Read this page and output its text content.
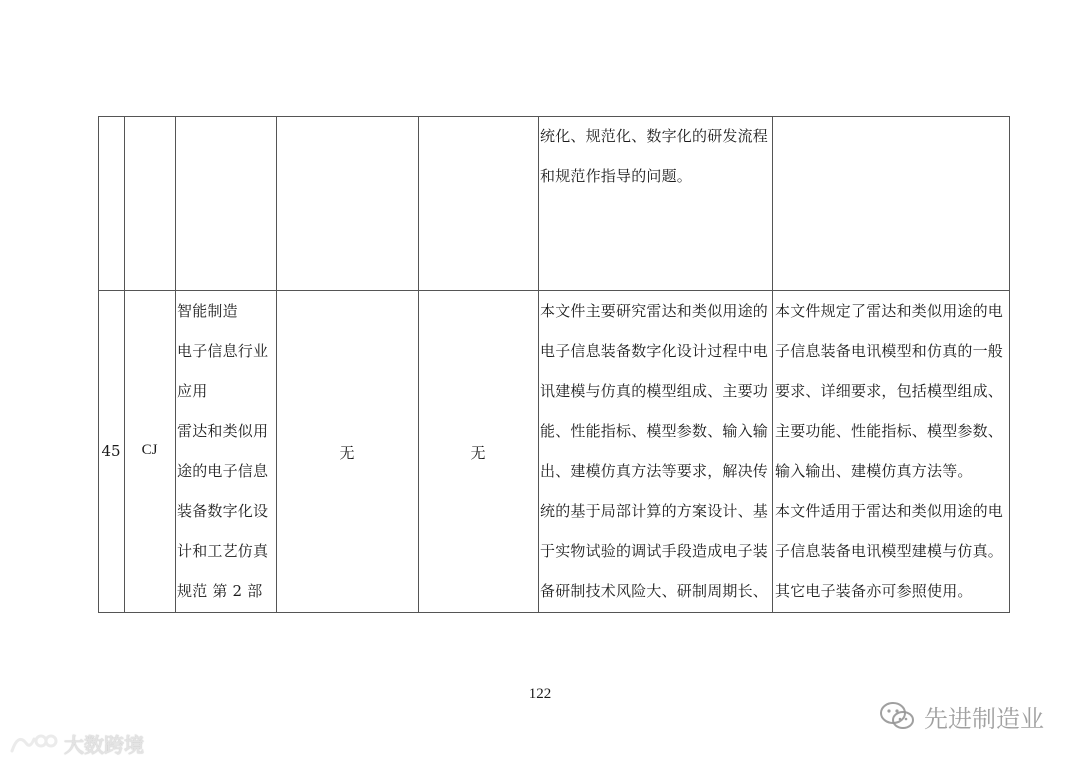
统化、规范化、数字化的研发流程
和规范作指导的问题。
45	CJ
智能制造
电子信息行业
应用
雷达和类似用
途的电子信息
装备数字化设
计和工艺仿真
规范 第 2 部
无	无
本文件主要研究雷达和类似用途的
电子信息装备数字化设计过程中电
讯建模与仿真的模型组成、主要功
能、性能指标、模型参数、输入输
出、建模仿真方法等要求，解决传
统的基于局部计算的方案设计、基
于实物试验的调试手段造成电子装
备研制技术风险大、研制周期长、
本文件规定了雷达和类似用途的电
子信息装备电讯模型和仿真的一般
要求、详细要求，包括模型组成、
主要功能、性能指标、模型参数、
输入输出、建模仿真方法等。
本文件适用于雷达和类似用途的电
子信息装备电讯模型建模与仿真。
其它电子装备亦可参照使用。
122
先进制造业
大数跨境
